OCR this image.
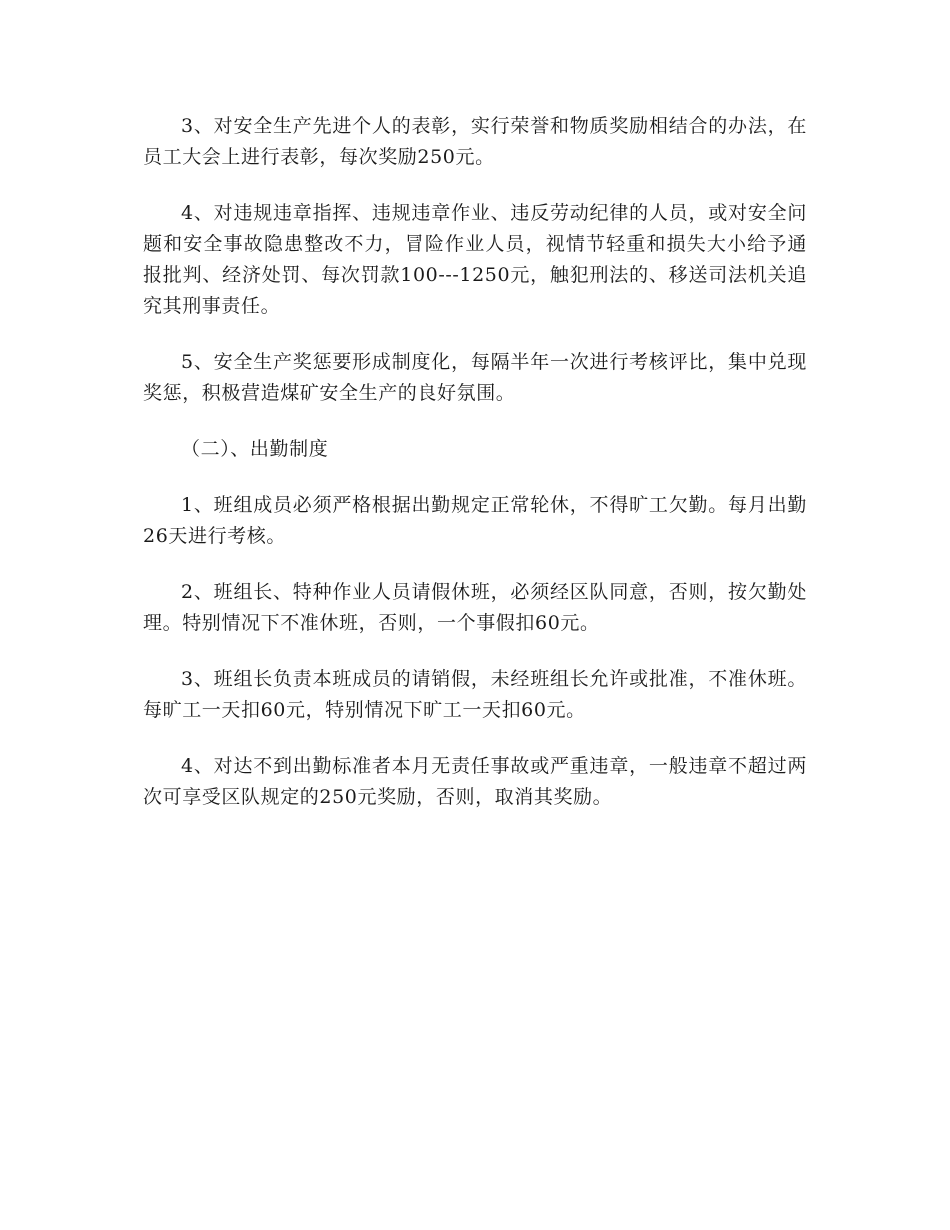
3、对安全生产先进个人的表彰，实行荣誉和物质奖励相结合的办法，在员工大会上进行表彰，每次奖励250元。

4、对违规违章指挥、违规违章作业、违反劳动纪律的人员，或对安全问题和安全事故隐患整改不力，冒险作业人员，视情节轻重和损失大小给予通报批判、经济处罚、每次罚款100---1250元，触犯刑法的、移送司法机关追究其刑事责任。

5、安全生产奖惩要形成制度化，每隔半年一次进行考核评比，集中兑现奖惩，积极营造煤矿安全生产的良好氛围。

（二）、出勤制度

1、班组成员必须严格根据出勤规定正常轮休，不得旷工欠勤。每月出勤26天进行考核。

2、班组长、特种作业人员请假休班，必须经区队同意，否则，按欠勤处理。特别情况下不准休班，否则，一个事假扣60元。

3、班组长负责本班成员的请销假，未经班组长允许或批准，不准休班。每旷工一天扣60元，特别情况下旷工一天扣60元。

4、对达不到出勤标准者本月无责任事故或严重违章，一般违章不超过两次可享受区队规定的250元奖励，否则，取消其奖励。
